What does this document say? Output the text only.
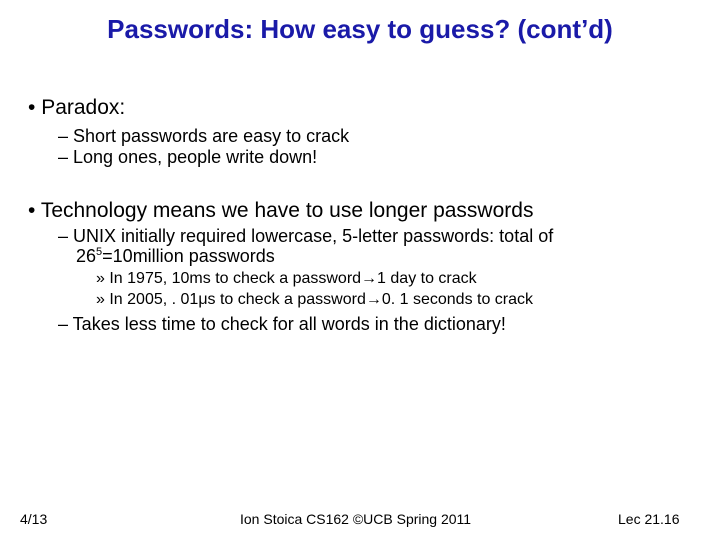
Passwords: How easy to guess? (cont’d)
• Paradox:
– Short passwords are easy to crack
– Long ones, people write down!
• Technology means we have to use longer passwords
– UNIX initially required lowercase, 5-letter passwords: total of
$26^5=10million$ passwords
» In 1975, 10ms to check a password→1 day to crack
» In 2005, . 01μs to check a password→0. 1 seconds to crack
– Takes less time to check for all words in the dictionary!
4/13	Ion Stoica CS162 ©UCB Spring 2011	Lec 21.16
